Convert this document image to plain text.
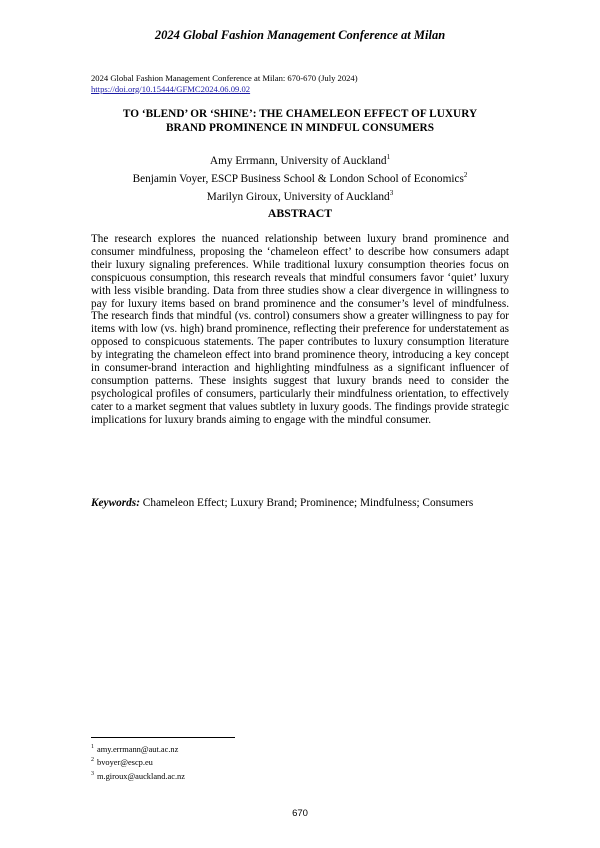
2024 Global Fashion Management Conference at Milan
2024 Global Fashion Management Conference at Milan: 670-670 (July 2024)
https://doi.org/10.15444/GFMC2024.06.09.02
TO ‘BLEND’ OR ‘SHINE’: THE CHAMELEON EFFECT OF LUXURY
BRAND PROMINENCE IN MINDFUL CONSUMERS
Amy Errmann, University of Auckland$^1$
Benjamin Voyer, ESCP Business School & London School of Economics$^2$
Marilyn Giroux, University of Auckland$^3$
ABSTRACT
The research explores the nuanced relationship between luxury brand prominence and consumer mindfulness, proposing the ‘chameleon effect’ to describe how consumers adapt their luxury signaling preferences. While traditional luxury consumption theories focus on conspicuous consumption, this research reveals that mindful consumers favor ‘quiet’ luxury with less visible branding. Data from three studies show a clear divergence in willingness to pay for luxury items based on brand prominence and the consumer’s level of mindfulness. The research finds that mindful (vs. control) consumers show a greater willingness to pay for items with low (vs. high) brand prominence, reflecting their preference for understatement as opposed to conspicuous statements. The paper contributes to luxury consumption literature by integrating the chameleon effect into brand prominence theory, introducing a key concept in consumer-brand interaction and highlighting mindfulness as a significant influencer of consumption patterns. These insights suggest that luxury brands need to consider the psychological profiles of consumers, particularly their mindfulness orientation, to effectively cater to a market segment that values subtlety in luxury goods. The findings provide strategic implications for luxury brands aiming to engage with the mindful consumer.
Keywords: Chameleon Effect; Luxury Brand; Prominence; Mindfulness; Consumers
$^1$ amy.errmann@aut.ac.nz
$^2$ bvoyer@escp.eu
$^3$ m.giroux@auckland.ac.nz
670
